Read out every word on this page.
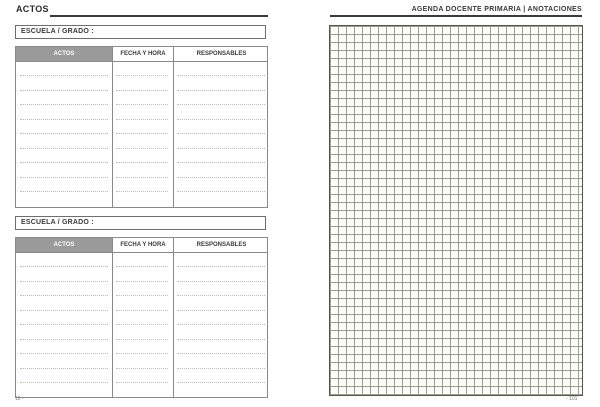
ACTOS
ESCUELA / GRADO :
ACTOS	FECHA Y HORA	RESPONSABLES
ESCUELA / GRADO :
ACTOS	FECHA Y HORA	RESPONSABLES
12 -
AGENDA DOCENTE PRIMARIA | ANOTACIONES
- 101
